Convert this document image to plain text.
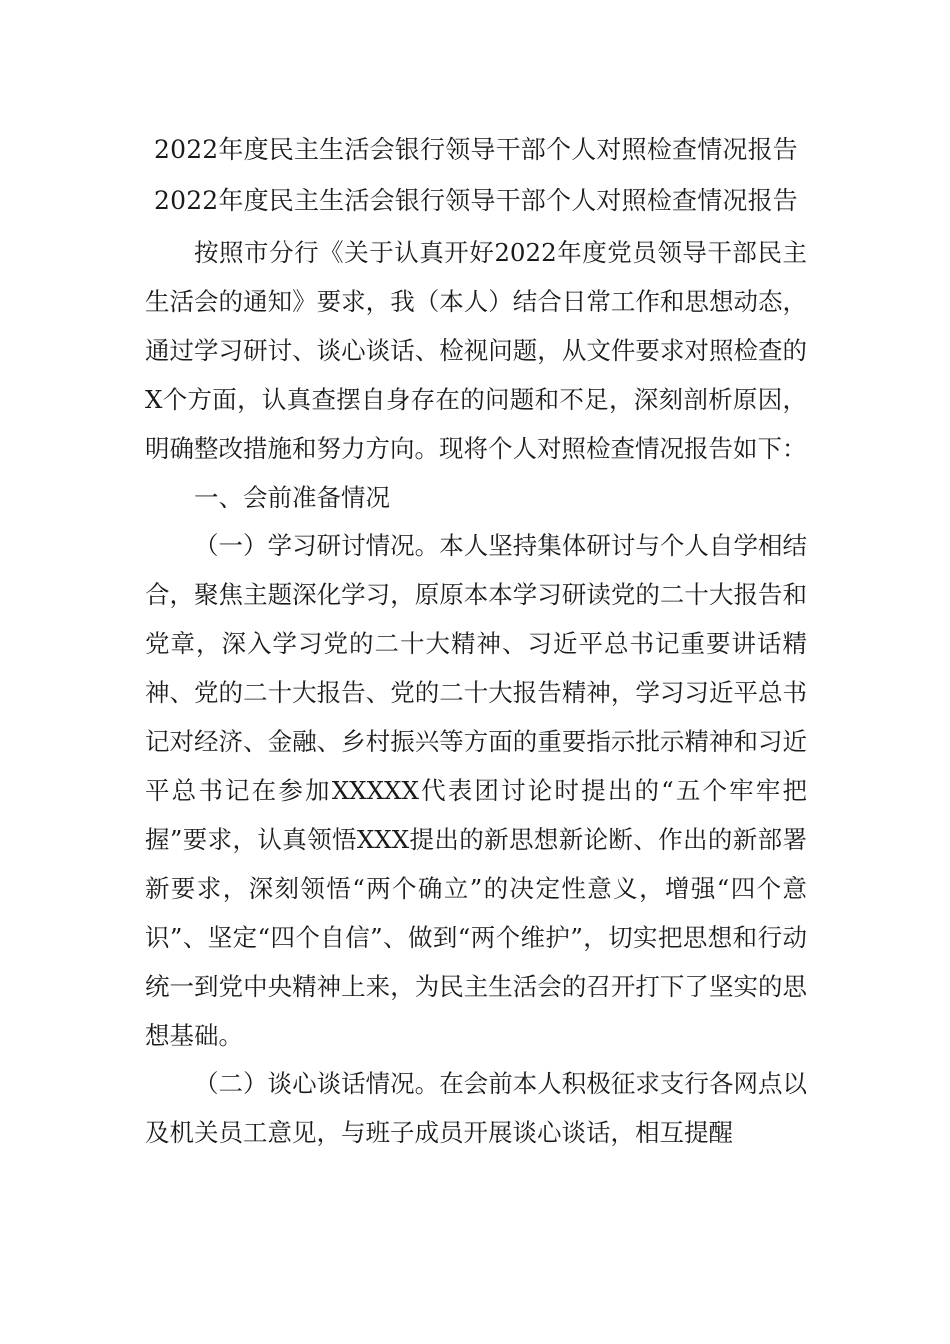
2022年度民主生活会银行领导干部个人对照检查情况报告
2022年度民主生活会银行领导干部个人对照检查情况报告

按照市分行《关于认真开好2022年度党员领导干部民主生活会的通知》要求，我（本人）结合日常工作和思想动态，通过学习研讨、谈心谈话、检视问题，从文件要求对照检查的X个方面，认真查摆自身存在的问题和不足，深刻剖析原因，明确整改措施和努力方向。现将个人对照检查情况报告如下：

一、会前准备情况

（一）学习研讨情况。本人坚持集体研讨与个人自学相结合，聚焦主题深化学习，原原本本学习研读党的二十大报告和党章，深入学习党的二十大精神、习近平总书记重要讲话精神、党的二十大报告、党的二十大报告精神，学习习近平总书记对经济、金融、乡村振兴等方面的重要指示批示精神和习近平总书记在参加XXXXX代表团讨论时提出的“五个牢牢把握”要求，认真领悟XXX提出的新思想新论断、作出的新部署新要求，深刻领悟“两个确立”的决定性意义，增强“四个意识”、坚定“四个自信”、做到“两个维护”，切实把思想和行动统一到党中央精神上来，为民主生活会的召开打下了坚实的思想基础。

（二）谈心谈话情况。在会前本人积极征求支行各网点以及机关员工意见，与班子成员开展谈心谈话，相互提醒
